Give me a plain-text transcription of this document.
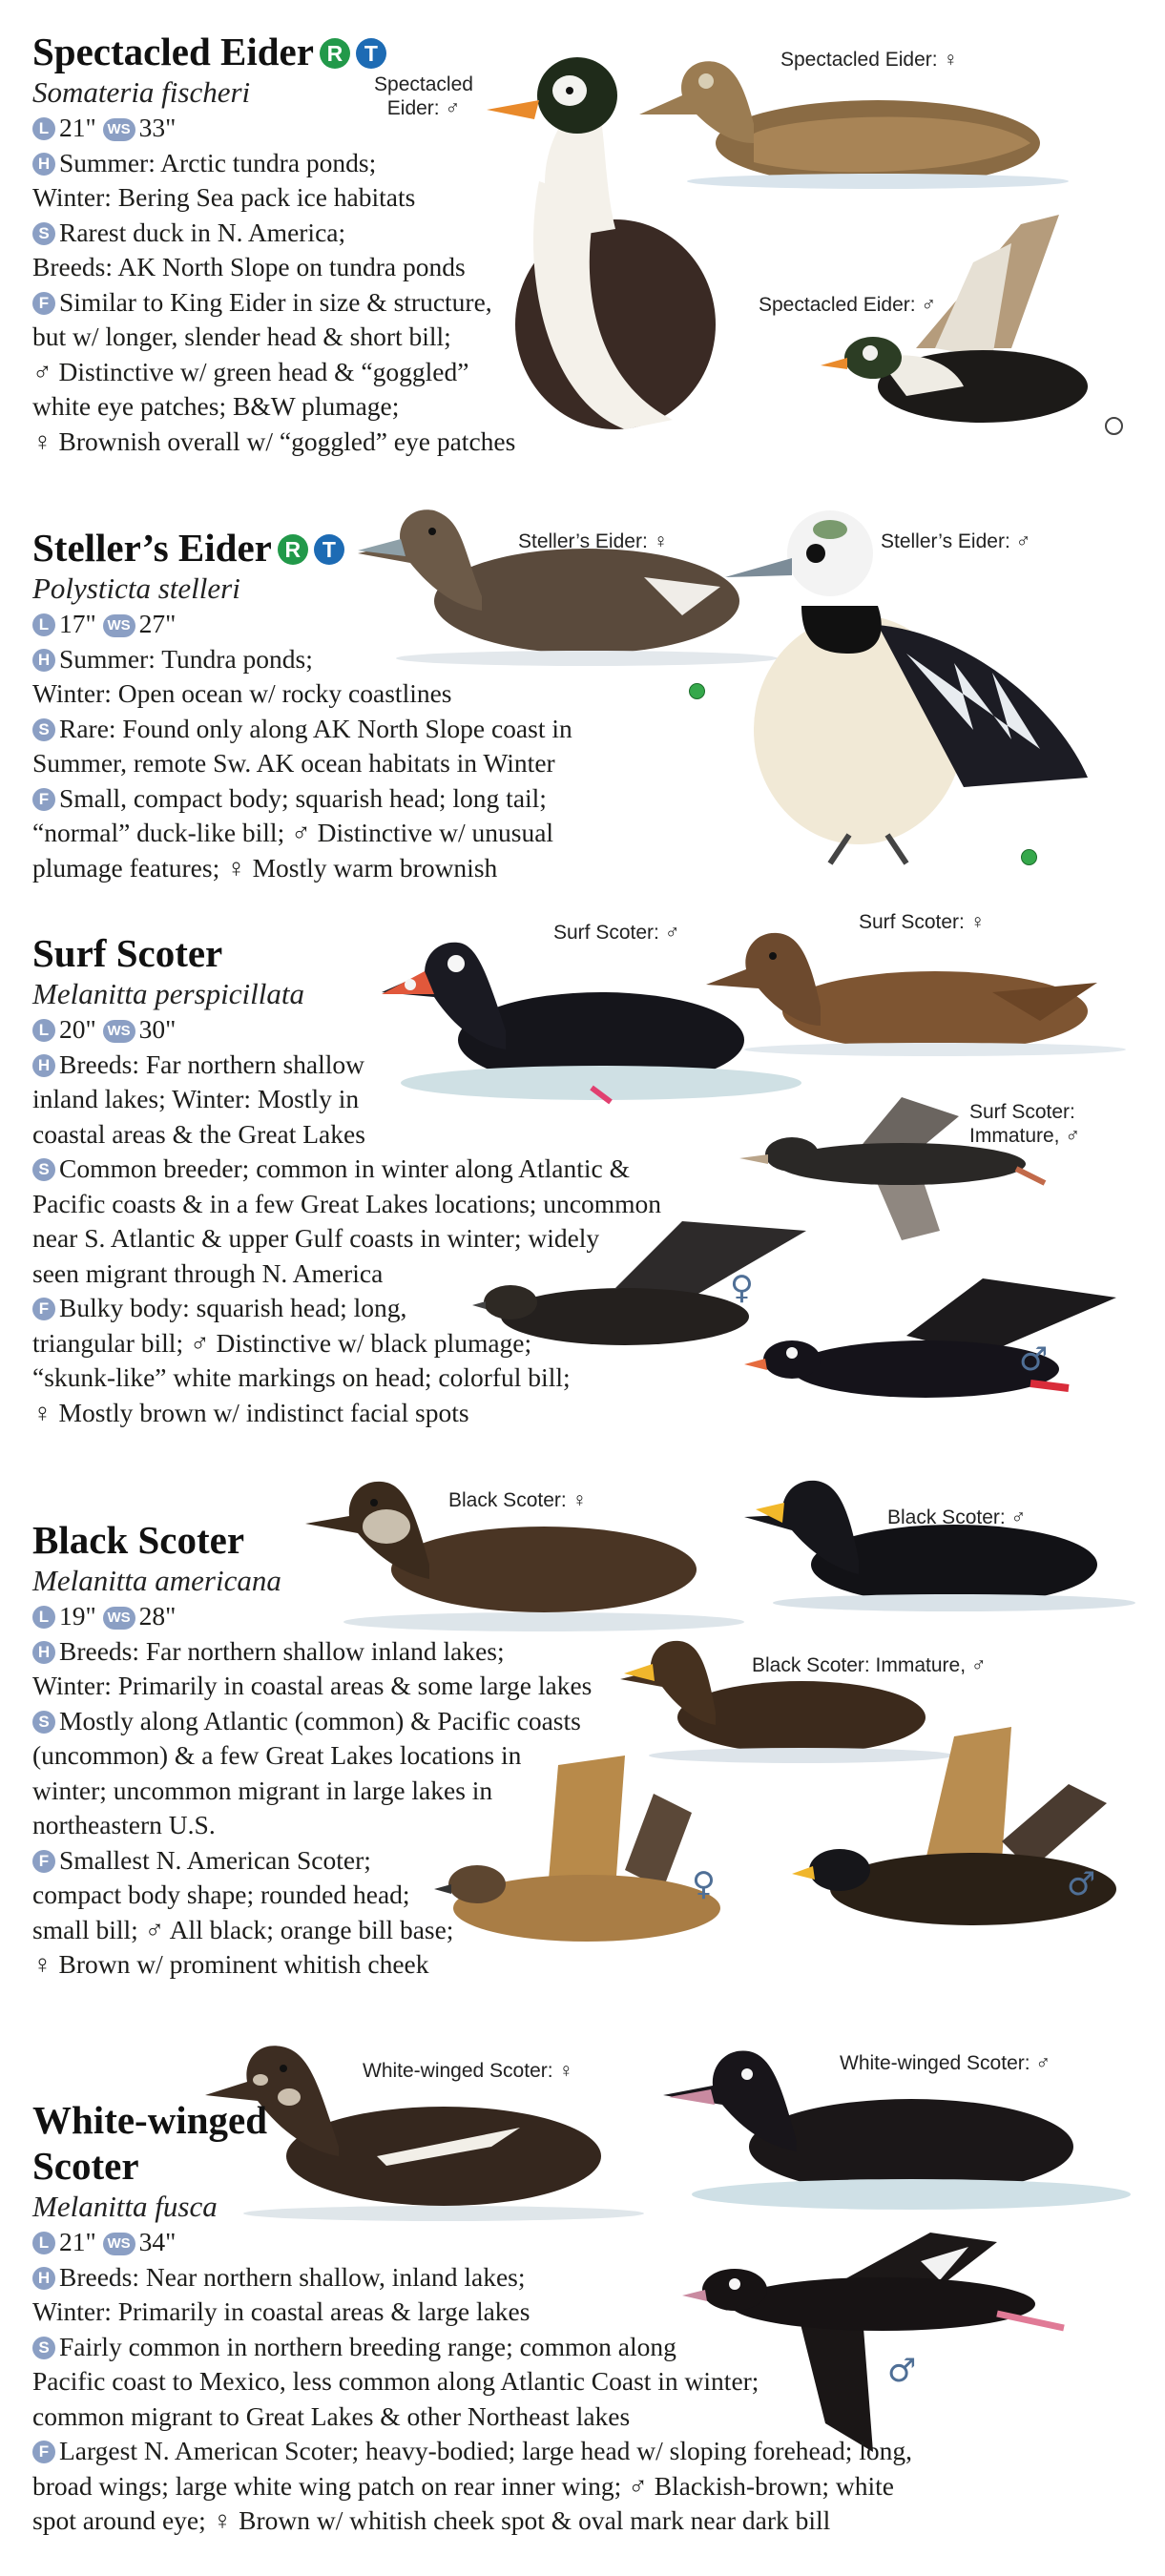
Spectacled Eider: ♂
Spectacled Eider: ♀
Spectacled Eider: ♂
Spectacled Eider R T
Somateria fischeri
L 21" WS 33"
H Summer: Arctic tundra ponds;
Winter: Bering Sea pack ice habitats
S Rarest duck in N. America;
Breeds: AK North Slope on tundra ponds
F Similar to King Eider in size & structure,
but w/ longer, slender head & short bill;
♂ Distinctive w/ green head & “goggled”
white eye patches; B&W plumage;
♀ Brownish overall w/ “goggled” eye patches
Steller’s Eider: ♀	Steller’s Eider: ♂
Steller’s Eider R T
Polysticta stelleri
L 17" WS 27"
H Summer: Tundra ponds;
Winter: Open ocean w/ rocky coastlines
S Rare: Found only along AK North Slope coast in
Summer, remote Sw. AK ocean habitats in Winter
F Small, compact body; squarish head; long tail;
“normal” duck-like bill; ♂ Distinctive w/ unusual
plumage features; ♀ Mostly warm brownish
Surf Scoter: ♂	Surf Scoter: ♀
Surf Scoter:
Immature, ♂
♀
♂
Surf Scoter
Melanitta perspicillata
L 20" WS 30"
H Breeds: Far northern shallow
inland lakes; Winter: Mostly in
coastal areas & the Great Lakes
S Common breeder; common in winter along Atlantic &
Pacific coasts & in a few Great Lakes locations; uncommon
near S. Atlantic & upper Gulf coasts in winter; widely
seen migrant through N. America
F Bulky body: squarish head; long,
triangular bill; ♂ Distinctive w/ black plumage;
“skunk-like” white markings on head; colorful bill;
♀ Mostly brown w/ indistinct facial spots
Black Scoter: ♀
Black Scoter: ♂
Black Scoter: Immature, ♂
♀	♂
Black Scoter
Melanitta americana
L 19" WS 28"
H Breeds: Far northern shallow inland lakes;
Winter: Primarily in coastal areas & some large lakes
S Mostly along Atlantic (common) & Pacific coasts
(uncommon) & a few Great Lakes locations in
winter; uncommon migrant in large lakes in
northeastern U.S.
F Smallest N. American Scoter;
compact body shape; rounded head;
small bill; ♂ All black; orange bill base;
♀ Brown w/ prominent whitish cheek
White-winged Scoter: ♀	White-winged Scoter: ♂
♂
White-winged
Scoter
Melanitta fusca
L 21" WS 34"
H Breeds: Near northern shallow, inland lakes;
Winter: Primarily in coastal areas & large lakes
S Fairly common in northern breeding range; common along
Pacific coast to Mexico, less common along Atlantic Coast in winter;
common migrant to Great Lakes & other Northeast lakes
F Largest N. American Scoter; heavy-bodied; large head w/ sloping forehead; long,
broad wings; large white wing patch on rear inner wing; ♂ Blackish-brown; white
spot around eye; ♀ Brown w/ whitish cheek spot & oval mark near dark bill
